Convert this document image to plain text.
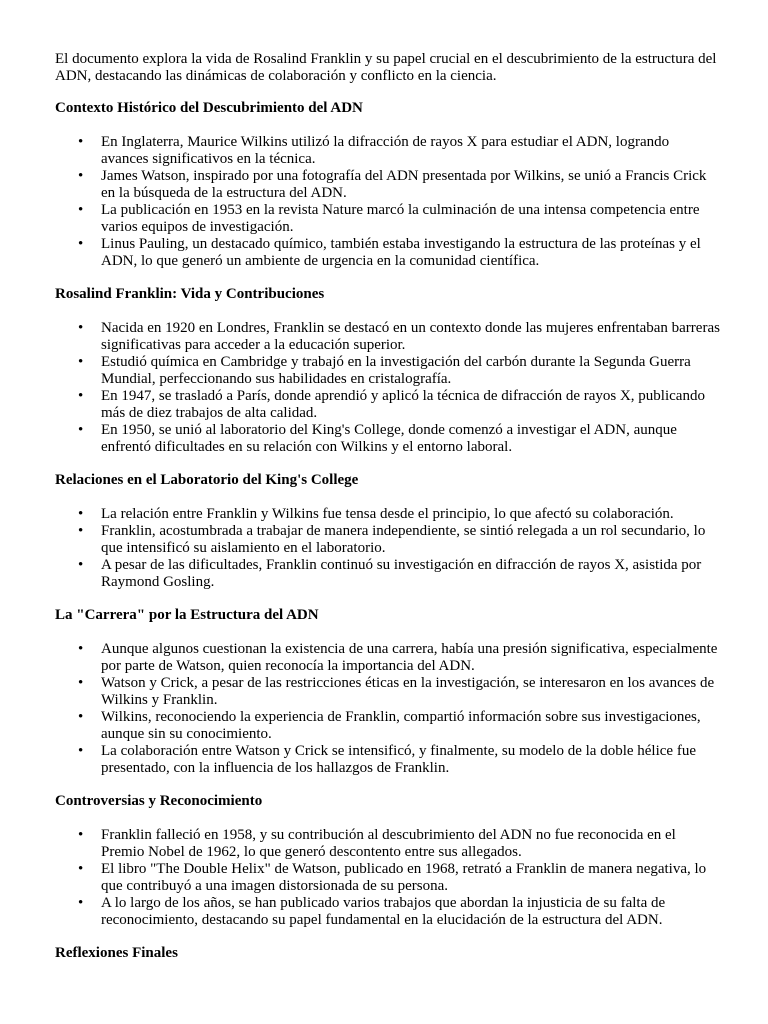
El documento explora la vida de Rosalind Franklin y su papel crucial en el descubrimiento de la estructura del ADN, destacando las dinámicas de colaboración y conflicto en la ciencia.

Contexto Histórico del Descubrimiento del ADN
• En Inglaterra, Maurice Wilkins utilizó la difracción de rayos X para estudiar el ADN, logrando avances significativos en la técnica.
• James Watson, inspirado por una fotografía del ADN presentada por Wilkins, se unió a Francis Crick en la búsqueda de la estructura del ADN.
• La publicación en 1953 en la revista Nature marcó la culminación de una intensa competencia entre varios equipos de investigación.
• Linus Pauling, un destacado químico, también estaba investigando la estructura de las proteínas y el ADN, lo que generó un ambiente de urgencia en la comunidad científica.
Rosalind Franklin: Vida y Contribuciones
• Nacida en 1920 en Londres, Franklin se destacó en un contexto donde las mujeres enfrentaban barreras significativas para acceder a la educación superior.
• Estudió química en Cambridge y trabajó en la investigación del carbón durante la Segunda Guerra Mundial, perfeccionando sus habilidades en cristalografía.
• En 1947, se trasladó a París, donde aprendió y aplicó la técnica de difracción de rayos X, publicando más de diez trabajos de alta calidad.
• En 1950, se unió al laboratorio del King's College, donde comenzó a investigar el ADN, aunque enfrentó dificultades en su relación con Wilkins y el entorno laboral.
Relaciones en el Laboratorio del King's College
• La relación entre Franklin y Wilkins fue tensa desde el principio, lo que afectó su colaboración.
• Franklin, acostumbrada a trabajar de manera independiente, se sintió relegada a un rol secundario, lo que intensificó su aislamiento en el laboratorio.
• A pesar de las dificultades, Franklin continuó su investigación en difracción de rayos X, asistida por Raymond Gosling.
La "Carrera" por la Estructura del ADN
• Aunque algunos cuestionan la existencia de una carrera, había una presión significativa, especialmente por parte de Watson, quien reconocía la importancia del ADN.
• Watson y Crick, a pesar de las restricciones éticas en la investigación, se interesaron en los avances de Wilkins y Franklin.
• Wilkins, reconociendo la experiencia de Franklin, compartió información sobre sus investigaciones, aunque sin su conocimiento.
• La colaboración entre Watson y Crick se intensificó, y finalmente, su modelo de la doble hélice fue presentado, con la influencia de los hallazgos de Franklin.
Controversias y Reconocimiento
• Franklin falleció en 1958, y su contribución al descubrimiento del ADN no fue reconocida en el Premio Nobel de 1962, lo que generó descontento entre sus allegados.
• El libro "The Double Helix" de Watson, publicado en 1968, retrató a Franklin de manera negativa, lo que contribuyó a una imagen distorsionada de su persona.
• A lo largo de los años, se han publicado varios trabajos que abordan la injusticia de su falta de reconocimiento, destacando su papel fundamental en la elucidación de la estructura del ADN.
Reflexiones Finales
